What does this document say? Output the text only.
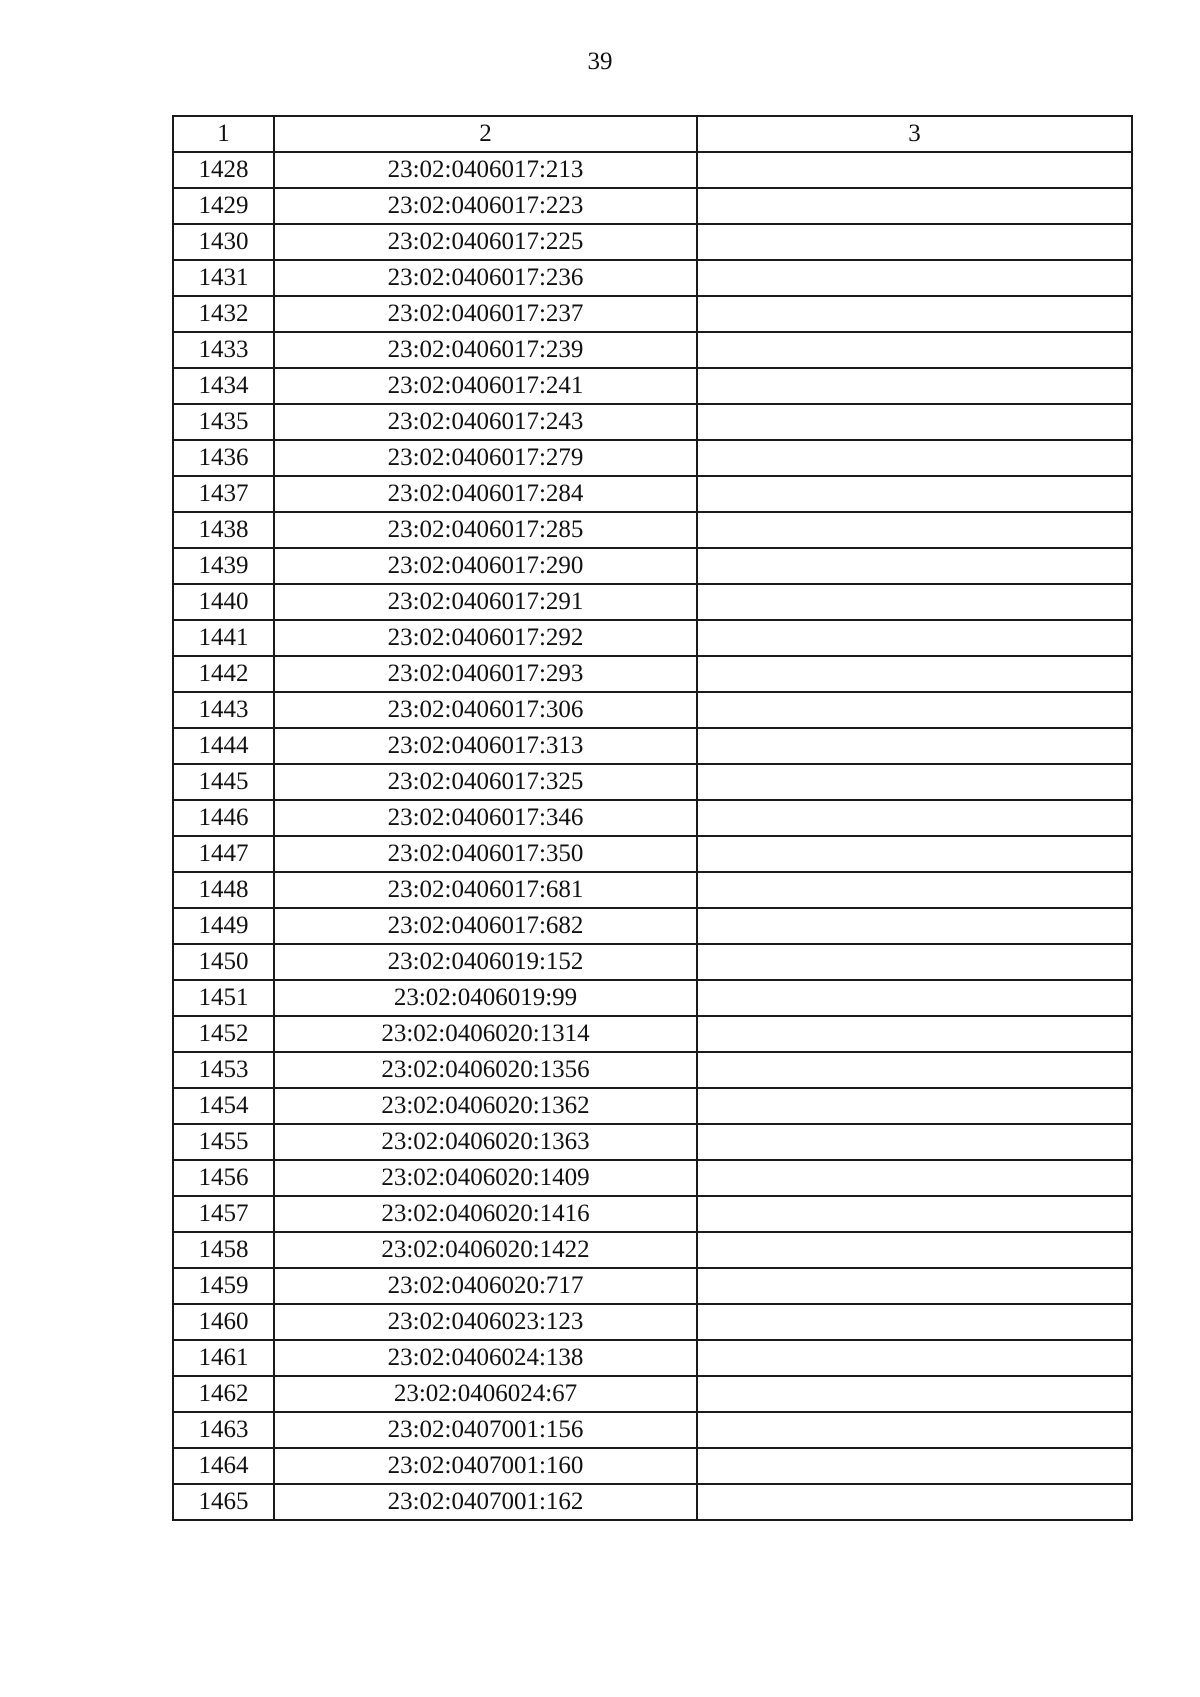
39
1	2	3
1428	23:02:0406017:213	
1429	23:02:0406017:223	
1430	23:02:0406017:225	
1431	23:02:0406017:236	
1432	23:02:0406017:237	
1433	23:02:0406017:239	
1434	23:02:0406017:241	
1435	23:02:0406017:243	
1436	23:02:0406017:279	
1437	23:02:0406017:284	
1438	23:02:0406017:285	
1439	23:02:0406017:290	
1440	23:02:0406017:291	
1441	23:02:0406017:292	
1442	23:02:0406017:293	
1443	23:02:0406017:306	
1444	23:02:0406017:313	
1445	23:02:0406017:325	
1446	23:02:0406017:346	
1447	23:02:0406017:350	
1448	23:02:0406017:681	
1449	23:02:0406017:682	
1450	23:02:0406019:152	
1451	23:02:0406019:99	
1452	23:02:0406020:1314	
1453	23:02:0406020:1356	
1454	23:02:0406020:1362	
1455	23:02:0406020:1363	
1456	23:02:0406020:1409	
1457	23:02:0406020:1416	
1458	23:02:0406020:1422	
1459	23:02:0406020:717	
1460	23:02:0406023:123	
1461	23:02:0406024:138	
1462	23:02:0406024:67	
1463	23:02:0407001:156	
1464	23:02:0407001:160	
1465	23:02:0407001:162	
